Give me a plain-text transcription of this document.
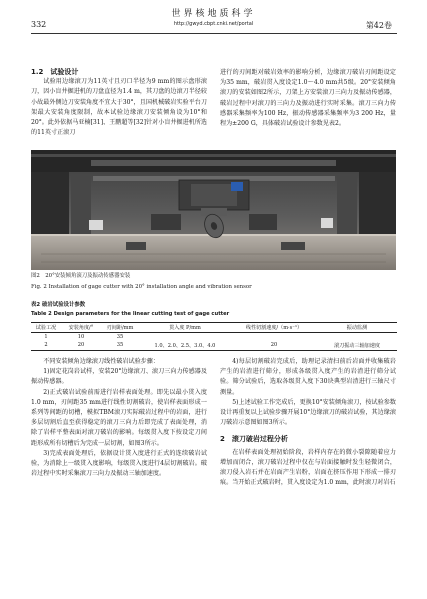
世界核地质科学
332	http://gwyd.cbpt.cnki.net/portal	第42卷
1.2　试验设计

试验用边缘滚刀为11英寸且刃口半径为9 mm的图示盘形滚刀，因小盲井掘进机的刀盘直径为1.4 m，其刀盘的边滚刀半径较小故最外侧边刀安装角度不宜大于30°，且国机械破岩实验平台刀架最大安装角度限制，故本试验边缘滚刀安装倾角设为10°和20°。此外依据马亚楠[31]、王鹏超等[32]针对小盲井掘进机所选的11英寸正滚刀

进行的刃间距对破岩效率的影响分析，边缘滚刀破岩刃间距设定为35 mm，破岩贯入度设定1.0～4.0 mm共5级。20°安装倾角滚刀的安装如图2所示，刀架上方安装滚刀三向力及振动传感器，破岩过程中对滚刀的三向力及振动进行实时采集。滚刀三向力传感器采集频率为100 Hz，振动传感器采集频率为3 200 Hz，量程为±200 G，具体破岩试验设计参数见表2。

图2　20°安装倾角滚刀及振动传感器安装
Fig. 2 Installation of gage cutter with 20° installation angle and vibration sensor
表2 破岩试验设计参数
Table 2 Design parameters for the linear cutting test of gage cutter
试验工况	安装角度/°	刃间距/mm	贯入度 P/mm	线性切割速度/（m·s⁻¹）	振动监测
1	10	35			
2	20	35	1.0、2.0、2.5、3.0、4.0	20	滚刀振动三轴加速度

不同安装倾角边缘滚刀线性破岩试验步骤：

1)固定花岗岩试样，安装20°边缘滚刀、滚刀三向力传感器及振动传感器。

2)正式破岩试验前需进行岩样表面处理。即先以最小贯入度1.0 mm，刃间距35 mm进行线性切割破岩，使岩样表面形成一系列等间距的切槽，模拟TBM滚刀实际破岩过程中的岩面，进行多层切割后直至获得稳定的滚刀三向力后即完成了表面处理，消除了岩样平整表面对滚刀破岩的影响。每级贯入度下按设定刀间距形成所有切槽后为完成一层切割，如图3所示。

3)完成表面处理后，依据设计贯入度进行正式的连续破岩试验，为消除上一级贯入度影响，每级贯入度进行4层切割破岩。破岩过程中实时采集滚刀三向力及振动三轴加速度。

4)每层切割破岩完成后，助理记录清扫前后岩面并收集破岩产生的岩渣进行筛分，形成各级贯入度产生的岩渣进行筛分试验。筛分试验后，选取各级贯入度下30块典型岩渣进行三轴尺寸测量。

5)上述试验工作完成后，更换10°安装倾角滚刀，按试验参数设计再重复以上试验步骤开展10°边缘滚刀的破岩试验，其边缘滚刀破岩示意图如图3所示。

2　滚刀破岩过程分析

在岩样表面处理初始阶段，岩样内存在的微小裂隙随着应力增加而闭合，滚刀破岩过程中仅在与岩面接触时发生轻微闭合，滚刀侵入岩石并在岩面产生岩粉，岩面在挤压作用下形成一排刃痕。当开始正式破岩时，贯入度设定为1.0 mm，此时滚刀对岩石
